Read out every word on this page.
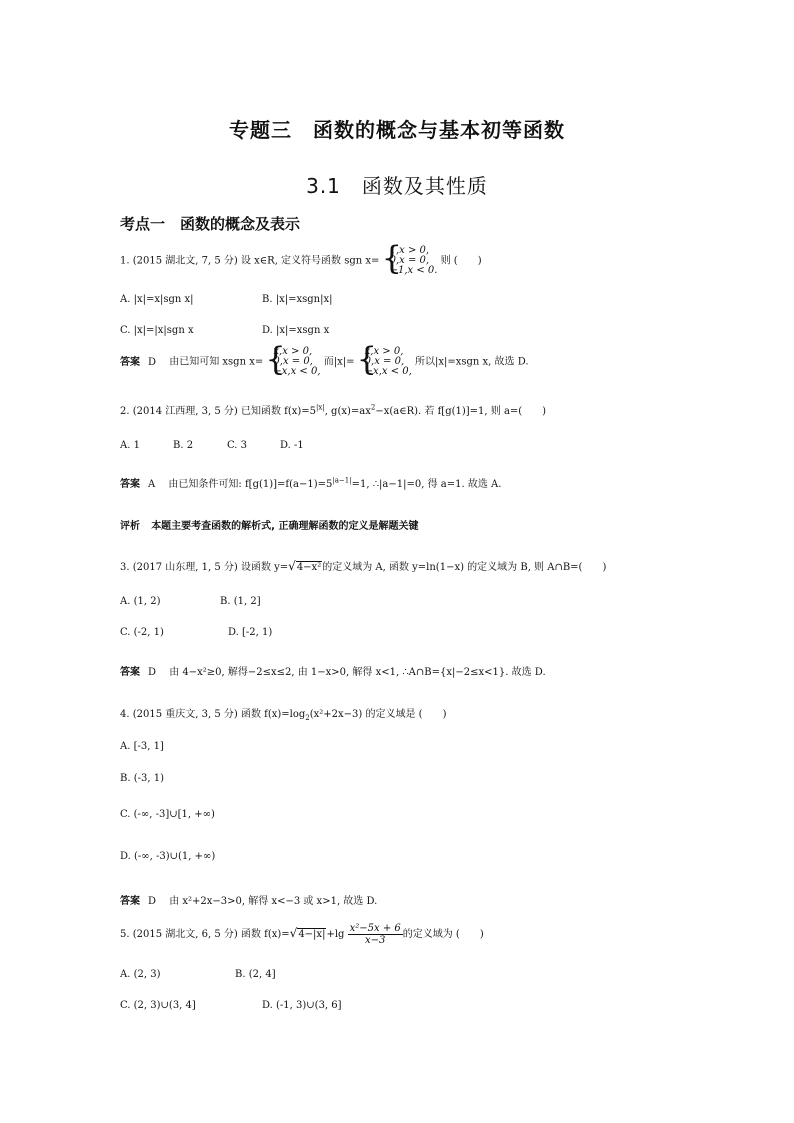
专题三　函数的概念与基本初等函数
3.1　函数及其性质
考点一　函数的概念及表示
1. (2015 湖北文, 7, 5 分) 设 x∈R, 定义符号函数 sgn x=
{ 1,x > 0,
0,x = 0,
−1,x < 0.
则 (　　)
A. |x|=x|sgn x|	B. |x|=xsgn|x|
C. |x|=|x|sgn x	D. |x|=xsgn x
答案 D 由已知可知 xsgn x=
{ x,x > 0,
0,x = 0,
−x,x < 0,
而|x|=
{ x,x > 0,
0,x = 0,
−x,x < 0,
所以|x|=xsgn x, 故选 D.
2. (2014 江西理, 3, 5 分) 已知函数 $f(x)=5^{|x|}$, $g(x)=ax^2-x(a\in R)$. 若 f[g(1)]=1, 则 a=(　　)
A. 1	B. 2	C. 3	D. -1
答案 A 由已知条件可知: $f[g(1)]=f(a-1)=5^{|a-1|}=1$, ∴|a−1|=0, 得 a=1. 故选 A.
评析 本题主要考查函数的解析式, 正确理解函数的定义是解题关键
3. (2017 山东理, 1, 5 分) 设函数 y=√4−x²的定义域为 A, 函数 y=ln(1−x) 的定义域为 B, 则 A∩B=(　　)
A. (1, 2)	B. (1, 2]
C. (-2, 1)	D. [-2, 1)
答案 D 由 4−x²≥0, 解得−2≤x≤2, 由 1−x>0, 解得 x<1, ∴A∩B={x|−2≤x<1}. 故选 D.
4. (2015 重庆文, 3, 5 分) 函数 $f(x)=\log_2(x^2+2x-3)$ 的定义域是 (　　)
A. [-3, 1]
B. (-3, 1)
C. (-∞, -3]∪[1, +∞)
D. (-∞, -3)∪(1, +∞)
答案 D 由 x²+2x−3>0, 解得 x<−3 或 x>1, 故选 D.
5. (2015 湖北文, 6, 5 分) 函数 $f(x)=√4-|x|+\lg \frac{\text{x²−5x + 6}}{x-3}$ 的定义域为 (　　)
A. (2, 3)	B. (2, 4]
C. (2, 3)∪(3, 4]	D. (-1, 3)∪(3, 6]
